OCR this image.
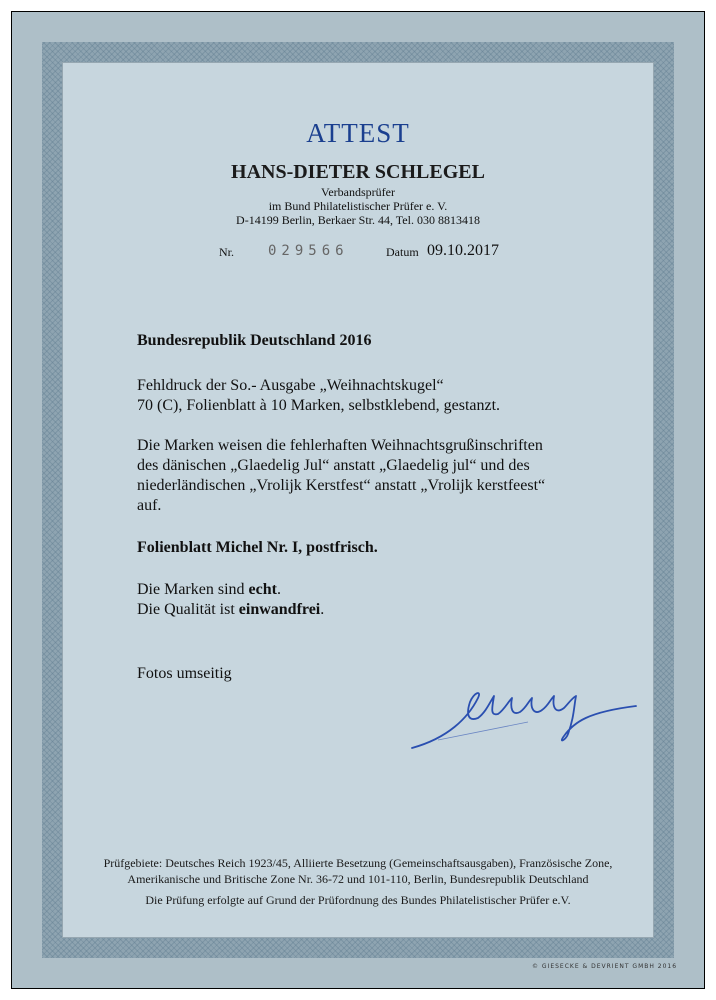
ATTEST
HANS-DIETER SCHLEGEL
Verbandsprüfer
im Bund Philatelistischer Prüfer e. V.
D-14199 Berlin, Berkaer Str. 44, Tel. 030 8813418
Nr. 029566	Datum 09.10.2017
Bundesrepublik Deutschland 2016
Fehldruck der So.- Ausgabe „Weihnachtskugel“
70 (C), Folienblatt à 10 Marken, selbstklebend, gestanzt.
Die Marken weisen die fehlerhaften Weihnachtsgrußinschriften
des dänischen „Glaedelig Jul“ anstatt „Glaedelig jul“ und des
niederländischen „Vrolijk Kerstfest“ anstatt „Vrolijk kerstfeest“
auf.
Folienblatt Michel Nr. I, postfrisch.
Die Marken sind echt.
Die Qualität ist einwandfrei.
Fotos umseitig
Prüfgebiete: Deutsches Reich 1923/45, Alliierte Besetzung (Gemeinschaftsausgaben), Französische Zone,
Amerikanische und Britische Zone Nr. 36-72 und 101-110, Berlin, Bundesrepublik Deutschland
Die Prüfung erfolgte auf Grund der Prüfordnung des Bundes Philatelistischer Prüfer e.V.
© GIESECKE & DEVRIENT GMBH 2016
